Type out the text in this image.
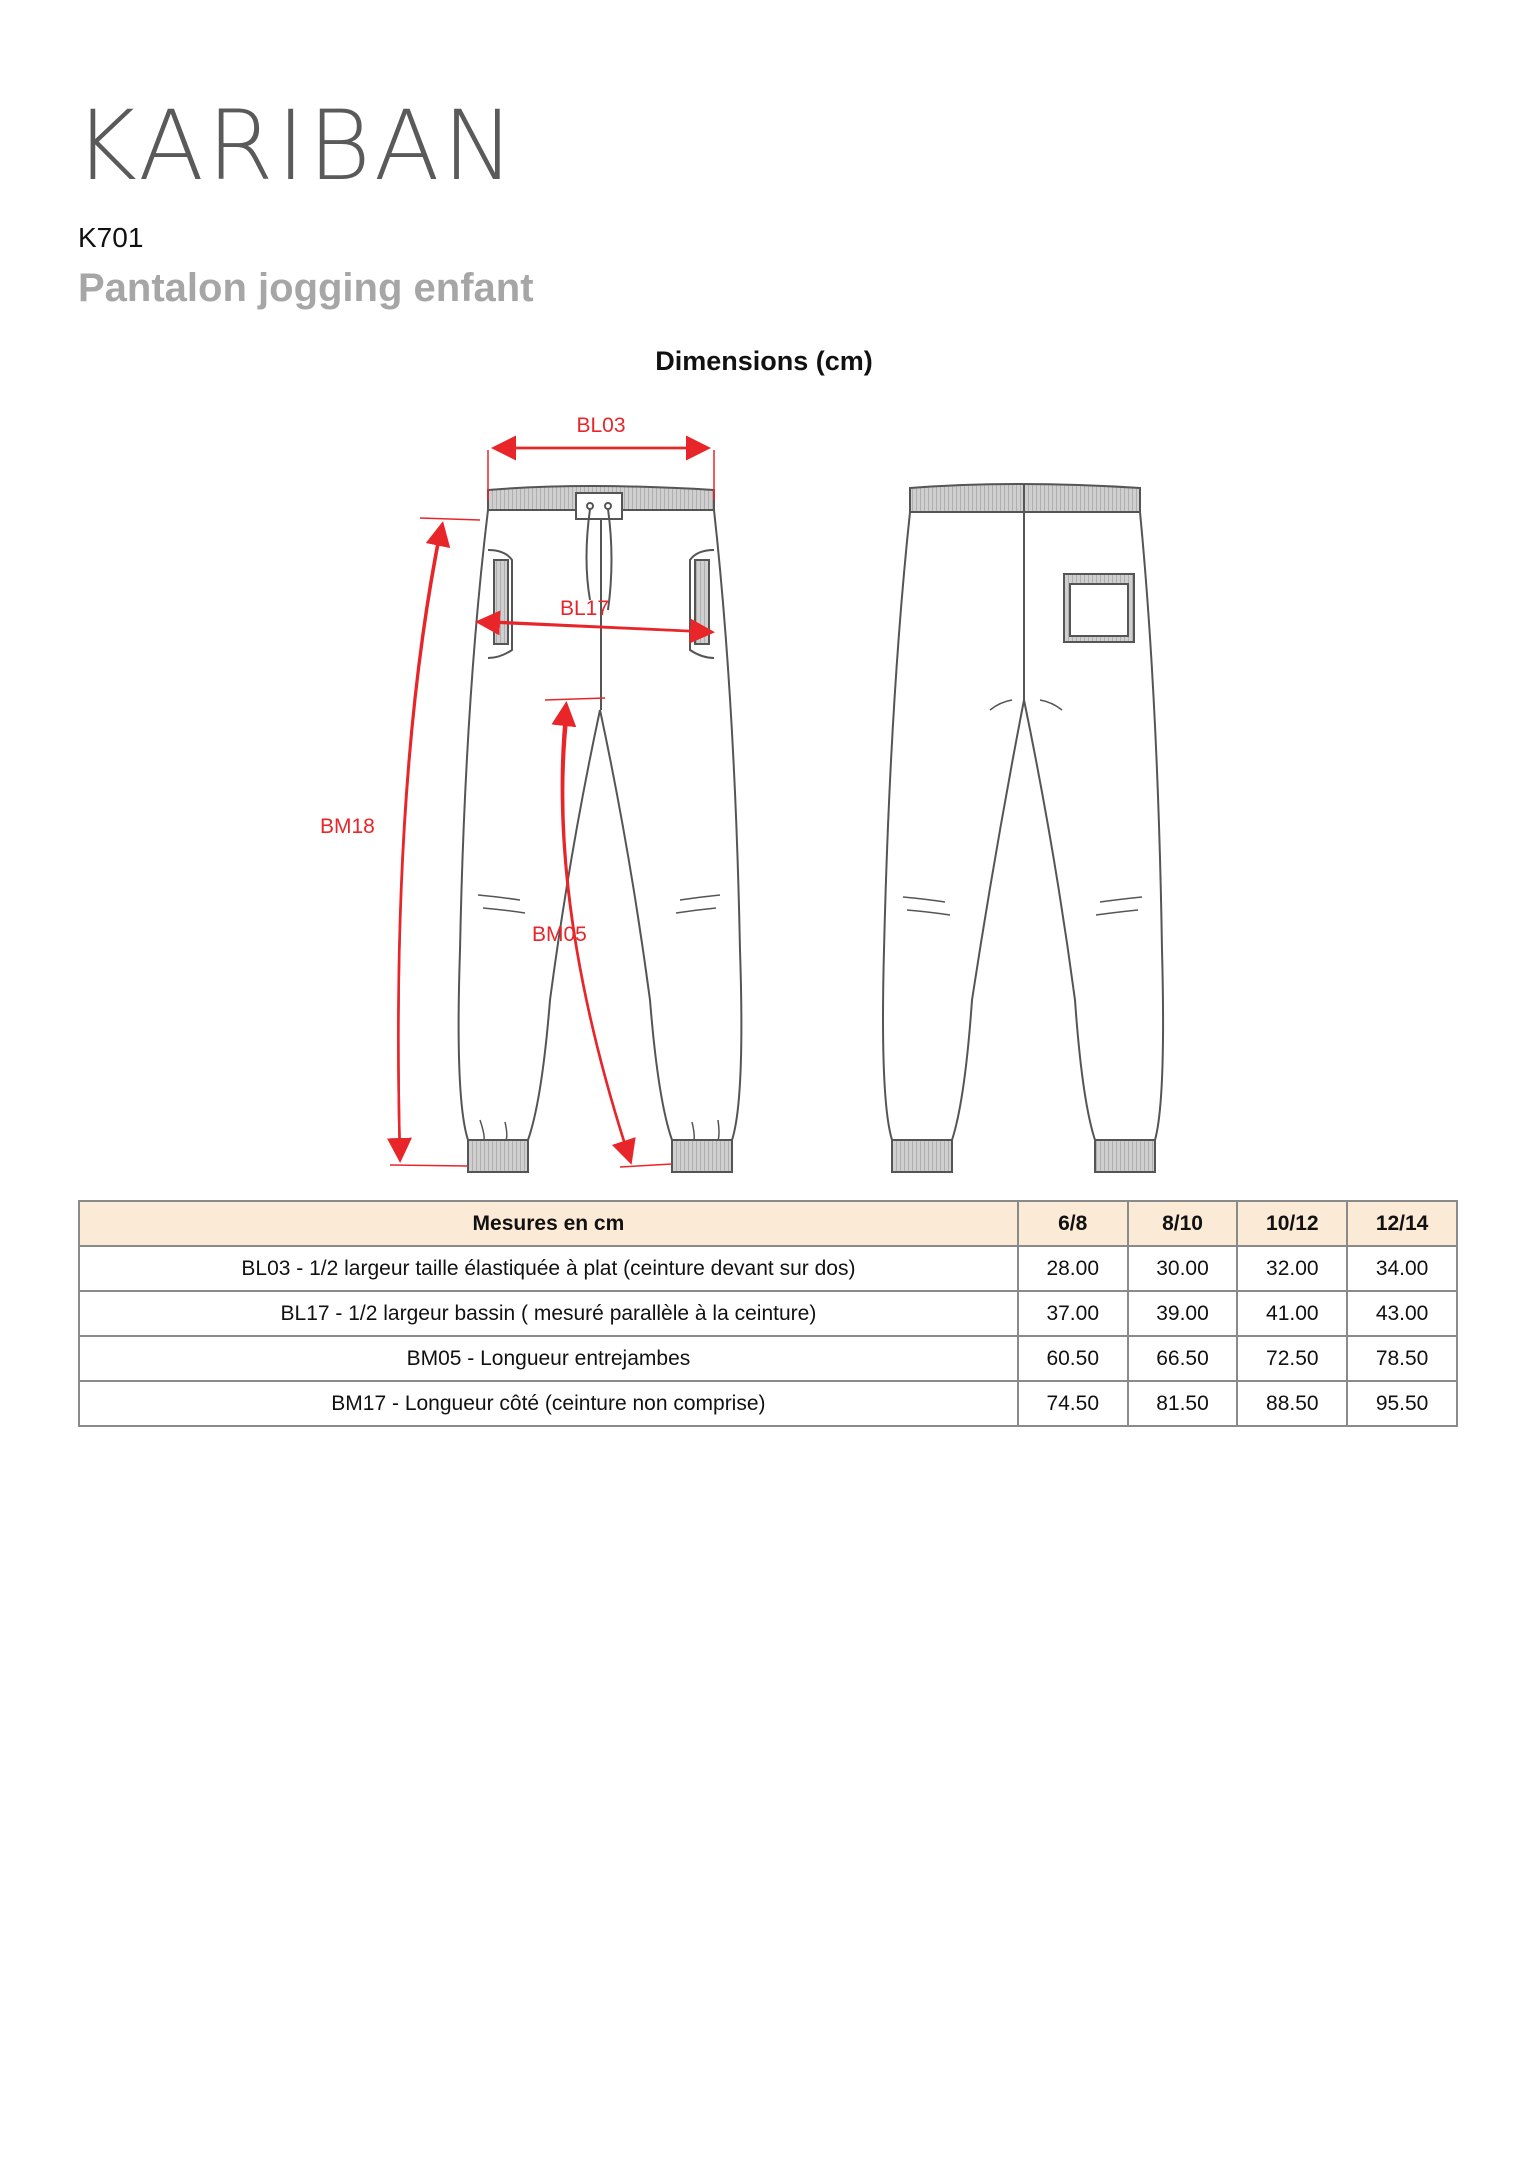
KARIBAN
K701
Pantalon jogging enfant
Dimensions (cm)
BL03
BL17
BM18
BM05
Mesures en cm	6/8	8/10	10/12	12/14
BL03 - 1/2 largeur taille élastiquée à plat (ceinture devant sur dos)	28.00	30.00	32.00	34.00
BL17 - 1/2 largeur bassin ( mesuré parallèle à la ceinture)	37.00	39.00	41.00	43.00
BM05 - Longueur entrejambes	60.50	66.50	72.50	78.50
BM17 - Longueur côté (ceinture non comprise)	74.50	81.50	88.50	95.50
